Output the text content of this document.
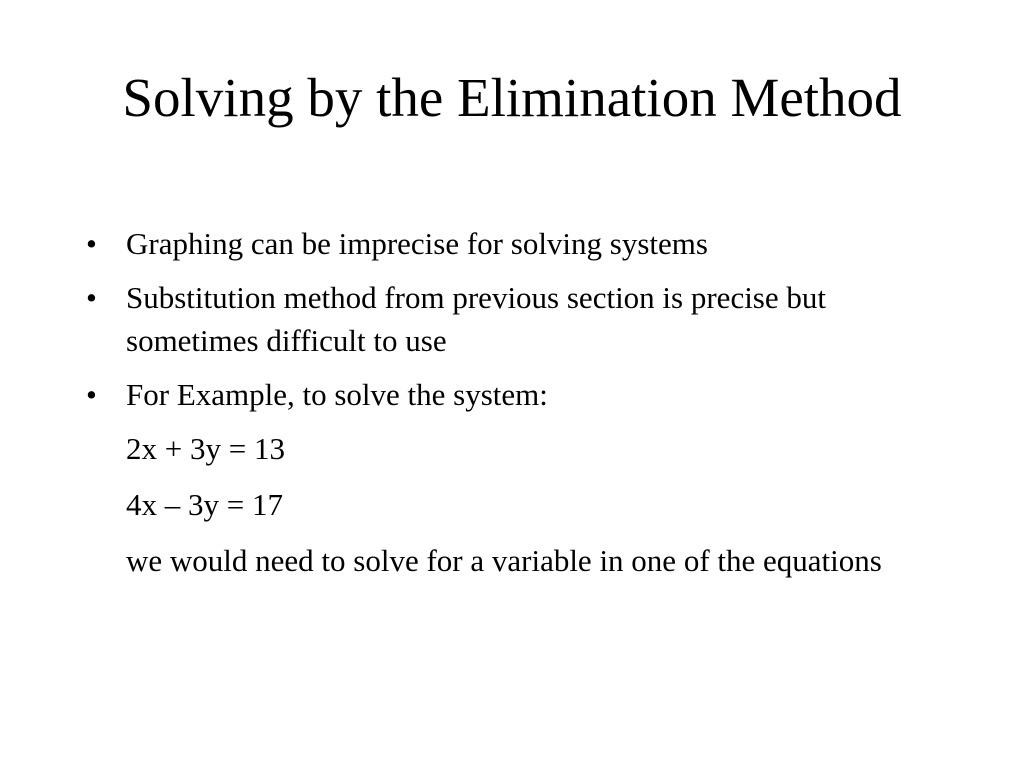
Solving by the Elimination Method
• Graphing can be imprecise for solving systems
• Substitution method from previous section is precise but sometimes difficult to use
• For Example, to solve the system:
2x + 3y = 13
4x – 3y = 17
we would need to solve for a variable in one of the equations
